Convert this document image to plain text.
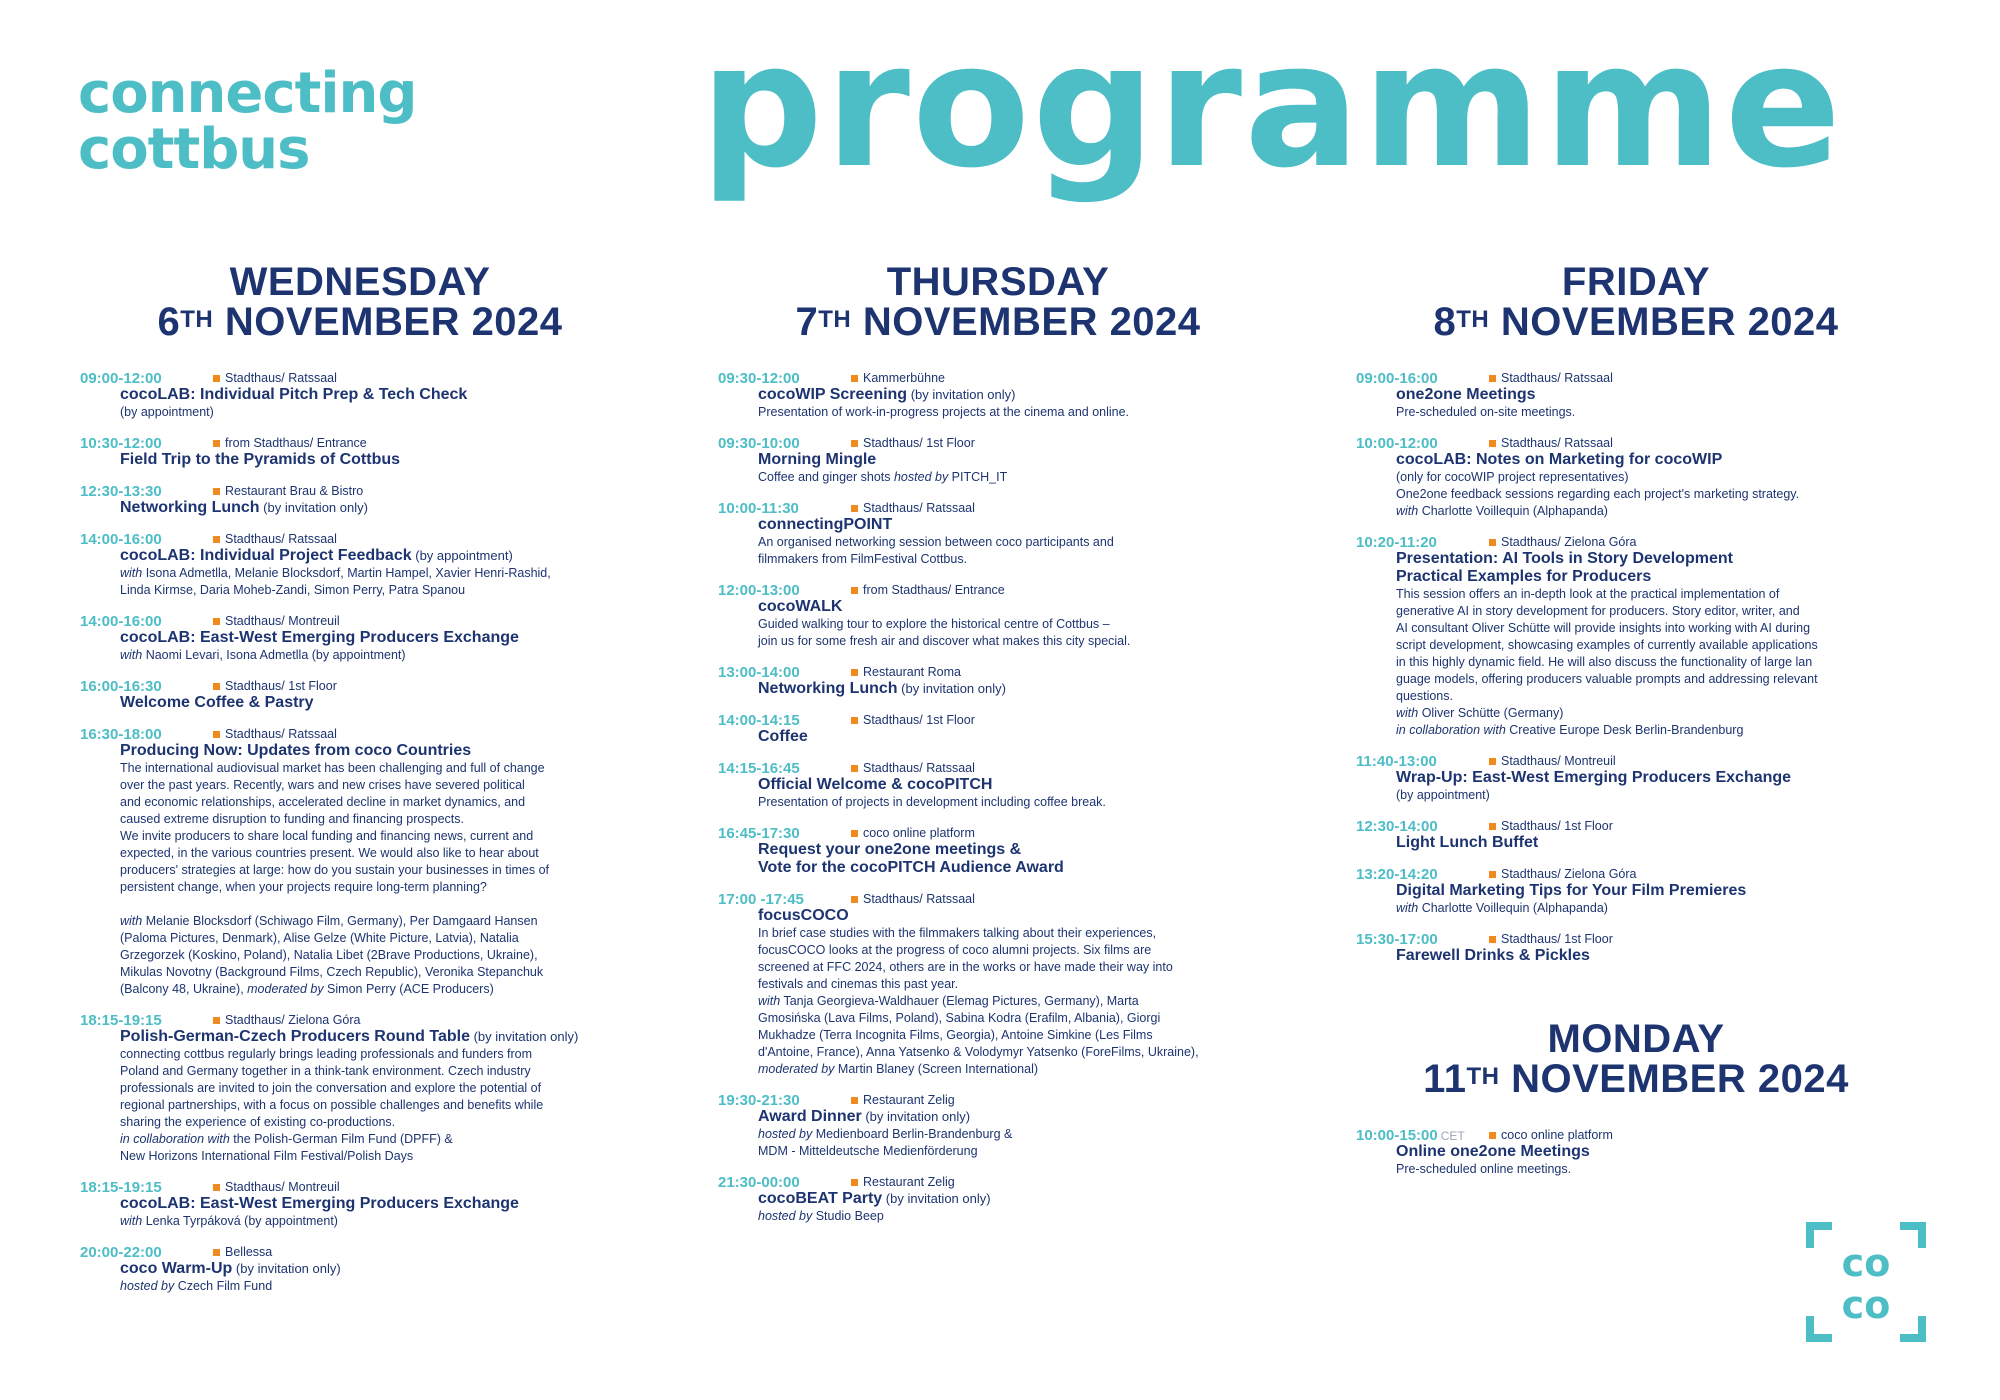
connecting
cottbus	programme
WEDNESDAY
6TH NOVEMBER 2024
09:00-12:00	Stadthaus/ Ratssaal
cocoLAB: Individual Pitch Prep & Tech Check
(by appointment)
10:30-12:00	from Stadthaus/ Entrance
Field Trip to the Pyramids of Cottbus
12:30-13:30	Restaurant Brau & Bistro
Networking Lunch (by invitation only)
14:00-16:00	Stadthaus/ Ratssaal
cocoLAB: Individual Project Feedback (by appointment)
with Isona Admetlla, Melanie Blocksdorf, Martin Hampel, Xavier Henri-Rashid,
Linda Kirmse, Daria Moheb-Zandi, Simon Perry, Patra Spanou
14:00-16:00	Stadthaus/ Montreuil
cocoLAB: East-West Emerging Producers Exchange
with Naomi Levari, Isona Admetlla (by appointment)
16:00-16:30	Stadthaus/ 1st Floor
Welcome Coffee & Pastry
16:30-18:00	Stadthaus/ Ratssaal
Producing Now: Updates from coco Countries
The international audiovisual market has been challenging and full of change
over the past years. Recently, wars and new crises have severed political
and economic relationships, accelerated decline in market dynamics, and
caused extreme disruption to funding and financing prospects.
We invite producers to share local funding and financing news, current and
expected, in the various countries present. We would also like to hear about
producers' strategies at large: how do you sustain your businesses in times of
persistent change, when your projects require long-term planning?
with Melanie Blocksdorf (Schiwago Film, Germany), Per Damgaard Hansen
(Paloma Pictures, Denmark), Alise Gelze (White Picture, Latvia), Natalia
Grzegorzek (Koskino, Poland), Natalia Libet (2Brave Productions, Ukraine),
Mikulas Novotny (Background Films, Czech Republic), Veronika Stepanchuk
(Balcony 48, Ukraine), moderated by Simon Perry (ACE Producers)
18:15-19:15	Stadthaus/ Zielona Góra
Polish-German-Czech Producers Round Table (by invitation only)
connecting cottbus regularly brings leading professionals and funders from
Poland and Germany together in a think-tank environment. Czech industry
professionals are invited to join the conversation and explore the potential of
regional partnerships, with a focus on possible challenges and benefits while
sharing the experience of existing co-productions.
in collaboration with the Polish-German Film Fund (DPFF) &
New Horizons International Film Festival/Polish Days
18:15-19:15	Stadthaus/ Montreuil
cocoLAB: East-West Emerging Producers Exchange
with Lenka Tyrpáková (by appointment)
20:00-22:00	Bellessa
coco Warm-Up (by invitation only)
hosted by Czech Film Fund
THURSDAY
7TH NOVEMBER 2024
09:30-12:00	Kammerbühne
cocoWIP Screening (by invitation only)
Presentation of work-in-progress projects at the cinema and online.
09:30-10:00	Stadthaus/ 1st Floor
Morning Mingle
Coffee and ginger shots hosted by PITCH_IT
10:00-11:30	Stadthaus/ Ratssaal
connectingPOINT
An organised networking session between coco participants and
filmmakers from FilmFestival Cottbus.
12:00-13:00	from Stadthaus/ Entrance
cocoWALK
Guided walking tour to explore the historical centre of Cottbus –
join us for some fresh air and discover what makes this city special.
13:00-14:00	Restaurant Roma
Networking Lunch (by invitation only)
14:00-14:15	Stadthaus/ 1st Floor
Coffee
14:15-16:45	Stadthaus/ Ratssaal
Official Welcome & cocoPITCH
Presentation of projects in development including coffee break.
16:45-17:30	coco online platform
Request your one2one meetings &
Vote for the cocoPITCH Audience Award
17:00 -17:45	Stadthaus/ Ratssaal
focusCOCO
In brief case studies with the filmmakers talking about their experiences,
focusCOCO looks at the progress of coco alumni projects. Six films are
screened at FFC 2024, others are in the works or have made their way into
festivals and cinemas this past year.
with Tanja Georgieva-Waldhauer (Elemag Pictures, Germany), Marta
Gmosińska (Lava Films, Poland), Sabina Kodra (Erafilm, Albania), Giorgi
Mukhadze (Terra Incognita Films, Georgia), Antoine Simkine (Les Films
d'Antoine, France), Anna Yatsenko & Volodymyr Yatsenko (ForeFilms, Ukraine),
moderated by Martin Blaney (Screen International)
19:30-21:30	Restaurant Zelig
Award Dinner (by invitation only)
hosted by Medienboard Berlin-Brandenburg &
MDM - Mitteldeutsche Medienförderung
21:30-00:00	Restaurant Zelig
cocoBEAT Party (by invitation only)
hosted by Studio Beep
FRIDAY
8TH NOVEMBER 2024
09:00-16:00	Stadthaus/ Ratssaal
one2one Meetings
Pre-scheduled on-site meetings.
10:00-12:00	Stadthaus/ Ratssaal
cocoLAB: Notes on Marketing for cocoWIP
(only for cocoWIP project representatives)
One2one feedback sessions regarding each project's marketing strategy.
with Charlotte Voillequin (Alphapanda)
10:20-11:20	Stadthaus/ Zielona Góra
Presentation: AI Tools in Story Development
Practical Examples for Producers
This session offers an in-depth look at the practical implementation of
generative AI in story development for producers. Story editor, writer, and
AI consultant Oliver Schütte will provide insights into working with AI during
script development, showcasing examples of currently available applications
in this highly dynamic field. He will also discuss the functionality of large lan
guage models, offering producers valuable prompts and addressing relevant
questions.
with Oliver Schütte (Germany)
in collaboration with Creative Europe Desk Berlin-Brandenburg
11:40-13:00	Stadthaus/ Montreuil
Wrap-Up: East-West Emerging Producers Exchange
(by appointment)
12:30-14:00	Stadthaus/ 1st Floor
Light Lunch Buffet
13:20-14:20	Stadthaus/ Zielona Góra
Digital Marketing Tips for Your Film Premieres
with Charlotte Voillequin (Alphapanda)
15:30-17:00	Stadthaus/ 1st Floor
Farewell Drinks & Pickles
MONDAY
11TH NOVEMBER 2024
10:00-15:00 CET	coco online platform
Online one2one Meetings
Pre-scheduled online meetings.
co
co
